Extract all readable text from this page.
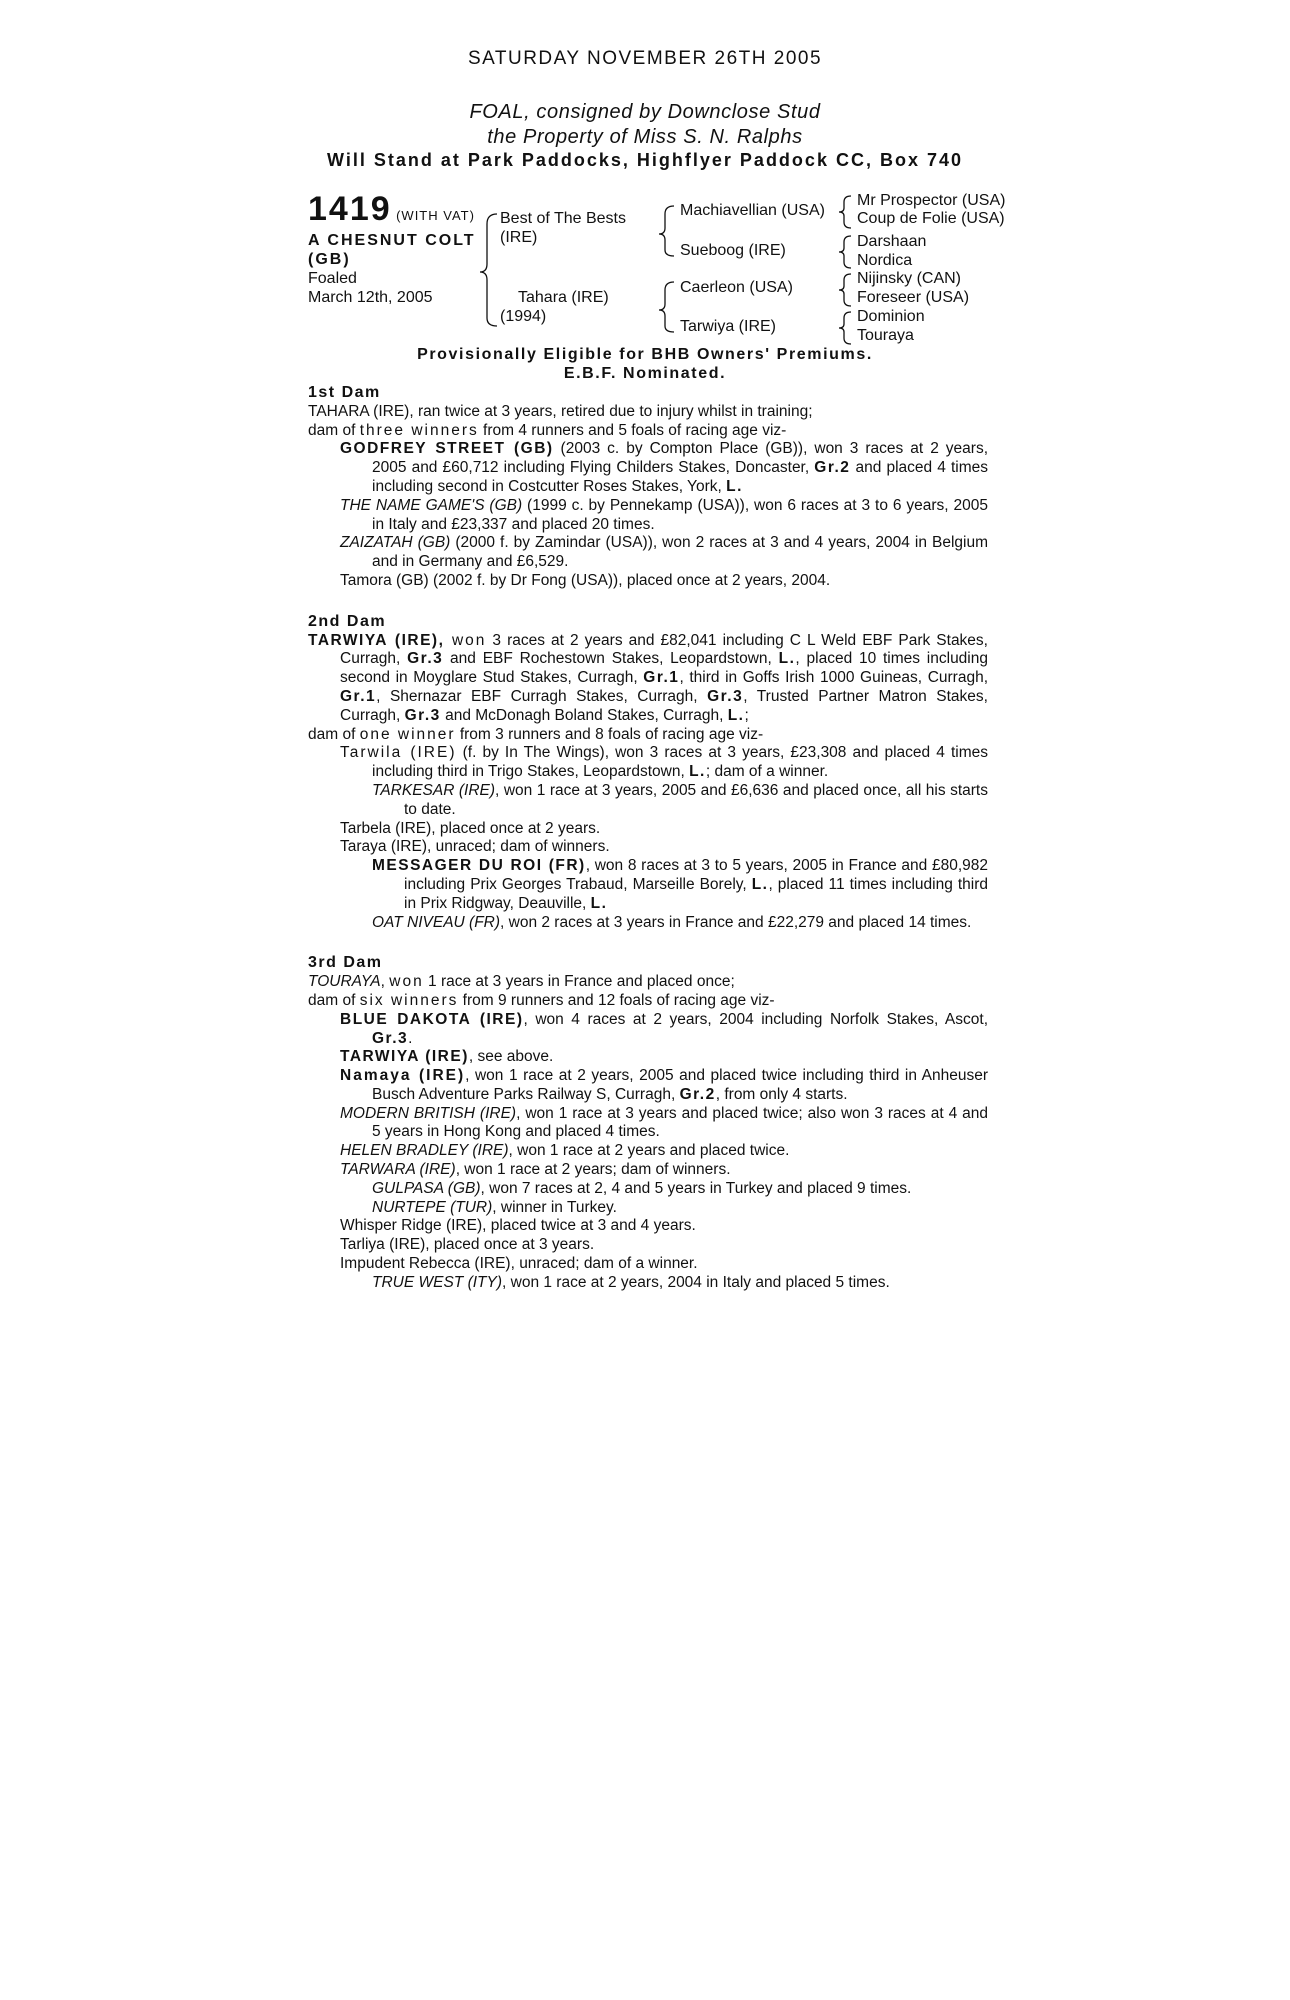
SATURDAY NOVEMBER 26TH 2005
FOAL, consigned by Downclose Stud
the Property of Miss S. N. Ralphs
Will Stand at Park Paddocks, Highflyer Paddock CC, Box 740
1419 (WITH VAT)
A CHESNUT COLT
(GB)
Foaled
March 12th, 2005
Best of The Bests
(IRE)
Tahara (IRE)
(1994)
Machiavellian (USA)
Sueboog (IRE)
Caerleon (USA)
Tarwiya (IRE)
Mr Prospector (USA)
Coup de Folie (USA)
Darshaan
Nordica
Nijinsky (CAN)
Foreseer (USA)
Dominion
Touraya
Provisionally Eligible for BHB Owners' Premiums.
E.B.F. Nominated.

1st Dam

TAHARA (IRE), ran twice at 3 years, retired due to injury whilst in training;

dam of three winners from 4 runners and 5 foals of racing age viz-

GODFREY STREET (GB) (2003 c. by Compton Place (GB)), won 3 races at 2 years, 2005 and £60,712 including Flying Childers Stakes, Doncaster, Gr.2 and placed 4 times including second in Costcutter Roses Stakes, York, L.

THE NAME GAME'S (GB) (1999 c. by Pennekamp (USA)), won 6 races at 3 to 6 years, 2005 in Italy and £23,337 and placed 20 times.

ZAIZATAH (GB) (2000 f. by Zamindar (USA)), won 2 races at 3 and 4 years, 2004 in Belgium and in Germany and £6,529.

Tamora (GB) (2002 f. by Dr Fong (USA)), placed once at 2 years, 2004.

2nd Dam

TARWIYA (IRE), won 3 races at 2 years and £82,041 including C L Weld EBF Park Stakes, Curragh, Gr.3 and EBF Rochestown Stakes, Leopardstown, L., placed 10 times including second in Moyglare Stud Stakes, Curragh, Gr.1, third in Goffs Irish 1000 Guineas, Curragh, Gr.1, Shernazar EBF Curragh Stakes, Curragh, Gr.3, Trusted Partner Matron Stakes, Curragh, Gr.3 and McDonagh Boland Stakes, Curragh, L.;

dam of one winner from 3 runners and 8 foals of racing age viz-

Tarwila (IRE) (f. by In The Wings), won 3 races at 3 years, £23,308 and placed 4 times including third in Trigo Stakes, Leopardstown, L.; dam of a winner.

TARKESAR (IRE), won 1 race at 3 years, 2005 and £6,636 and placed once, all his starts to date.

Tarbela (IRE), placed once at 2 years.

Taraya (IRE), unraced; dam of winners.

MESSAGER DU ROI (FR), won 8 races at 3 to 5 years, 2005 in France and £80,982 including Prix Georges Trabaud, Marseille Borely, L., placed 11 times including third in Prix Ridgway, Deauville, L.

OAT NIVEAU (FR), won 2 races at 3 years in France and £22,279 and placed 14 times.

3rd Dam

TOURAYA, won 1 race at 3 years in France and placed once;

dam of six winners from 9 runners and 12 foals of racing age viz-

BLUE DAKOTA (IRE), won 4 races at 2 years, 2004 including Norfolk Stakes, Ascot, Gr.3.

TARWIYA (IRE), see above.

Namaya (IRE), won 1 race at 2 years, 2005 and placed twice including third in Anheuser Busch Adventure Parks Railway S, Curragh, Gr.2, from only 4 starts.

MODERN BRITISH (IRE), won 1 race at 3 years and placed twice; also won 3 races at 4 and 5 years in Hong Kong and placed 4 times.

HELEN BRADLEY (IRE), won 1 race at 2 years and placed twice.

TARWARA (IRE), won 1 race at 2 years; dam of winners.

GULPASA (GB), won 7 races at 2, 4 and 5 years in Turkey and placed 9 times.

NURTEPE (TUR), winner in Turkey.

Whisper Ridge (IRE), placed twice at 3 and 4 years.

Tarliya (IRE), placed once at 3 years.

Impudent Rebecca (IRE), unraced; dam of a winner.

TRUE WEST (ITY), won 1 race at 2 years, 2004 in Italy and placed 5 times.
